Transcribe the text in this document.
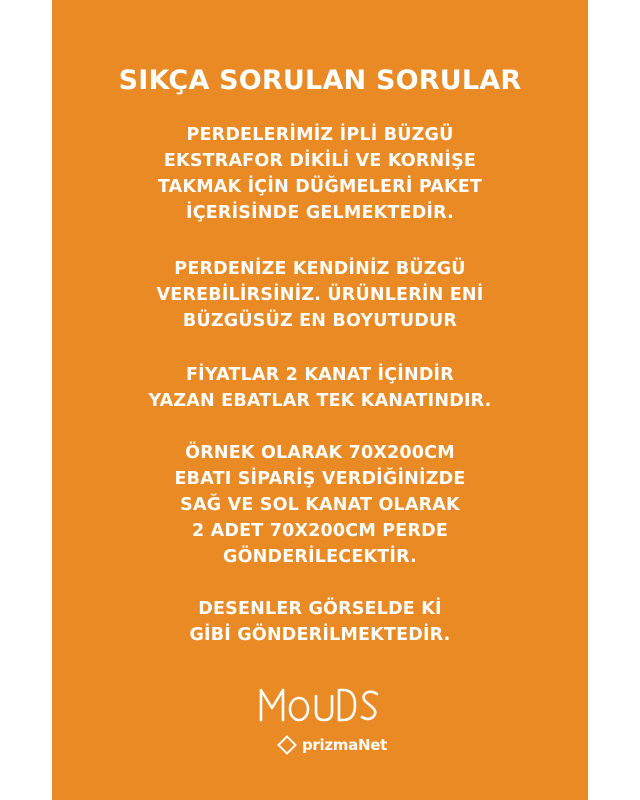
SIKÇA SORULAN SORULAR

PERDELERİMİZ İPLİ BÜZGÜ
EKSTRAFOR DİKİLİ VE KORNİŞE
TAKMAK İÇİN DÜĞMELERİ PAKET
İÇERİSİNDE GELMEKTEDİR.

PERDENİZE KENDİNİZ BÜZGÜ
VEREBİLİRSİNİZ. ÜRÜNLERİN ENİ
BÜZGÜSÜZ EN BOYUTUDUR

FİYATLAR 2 KANAT İÇİNDİR
YAZAN EBATLAR TEK KANATINDIR.

ÖRNEK OLARAK 70X200CM
EBATI SİPARİŞ VERDİĞİNİZDE
SAĞ VE SOL KANAT OLARAK
2 ADET 70X200CM PERDE
GÖNDERİLECEKTİR.

DESENLER GÖRSELDE Kİ
GİBİ GÖNDERİLMEKTEDİR.

prizmaNet
